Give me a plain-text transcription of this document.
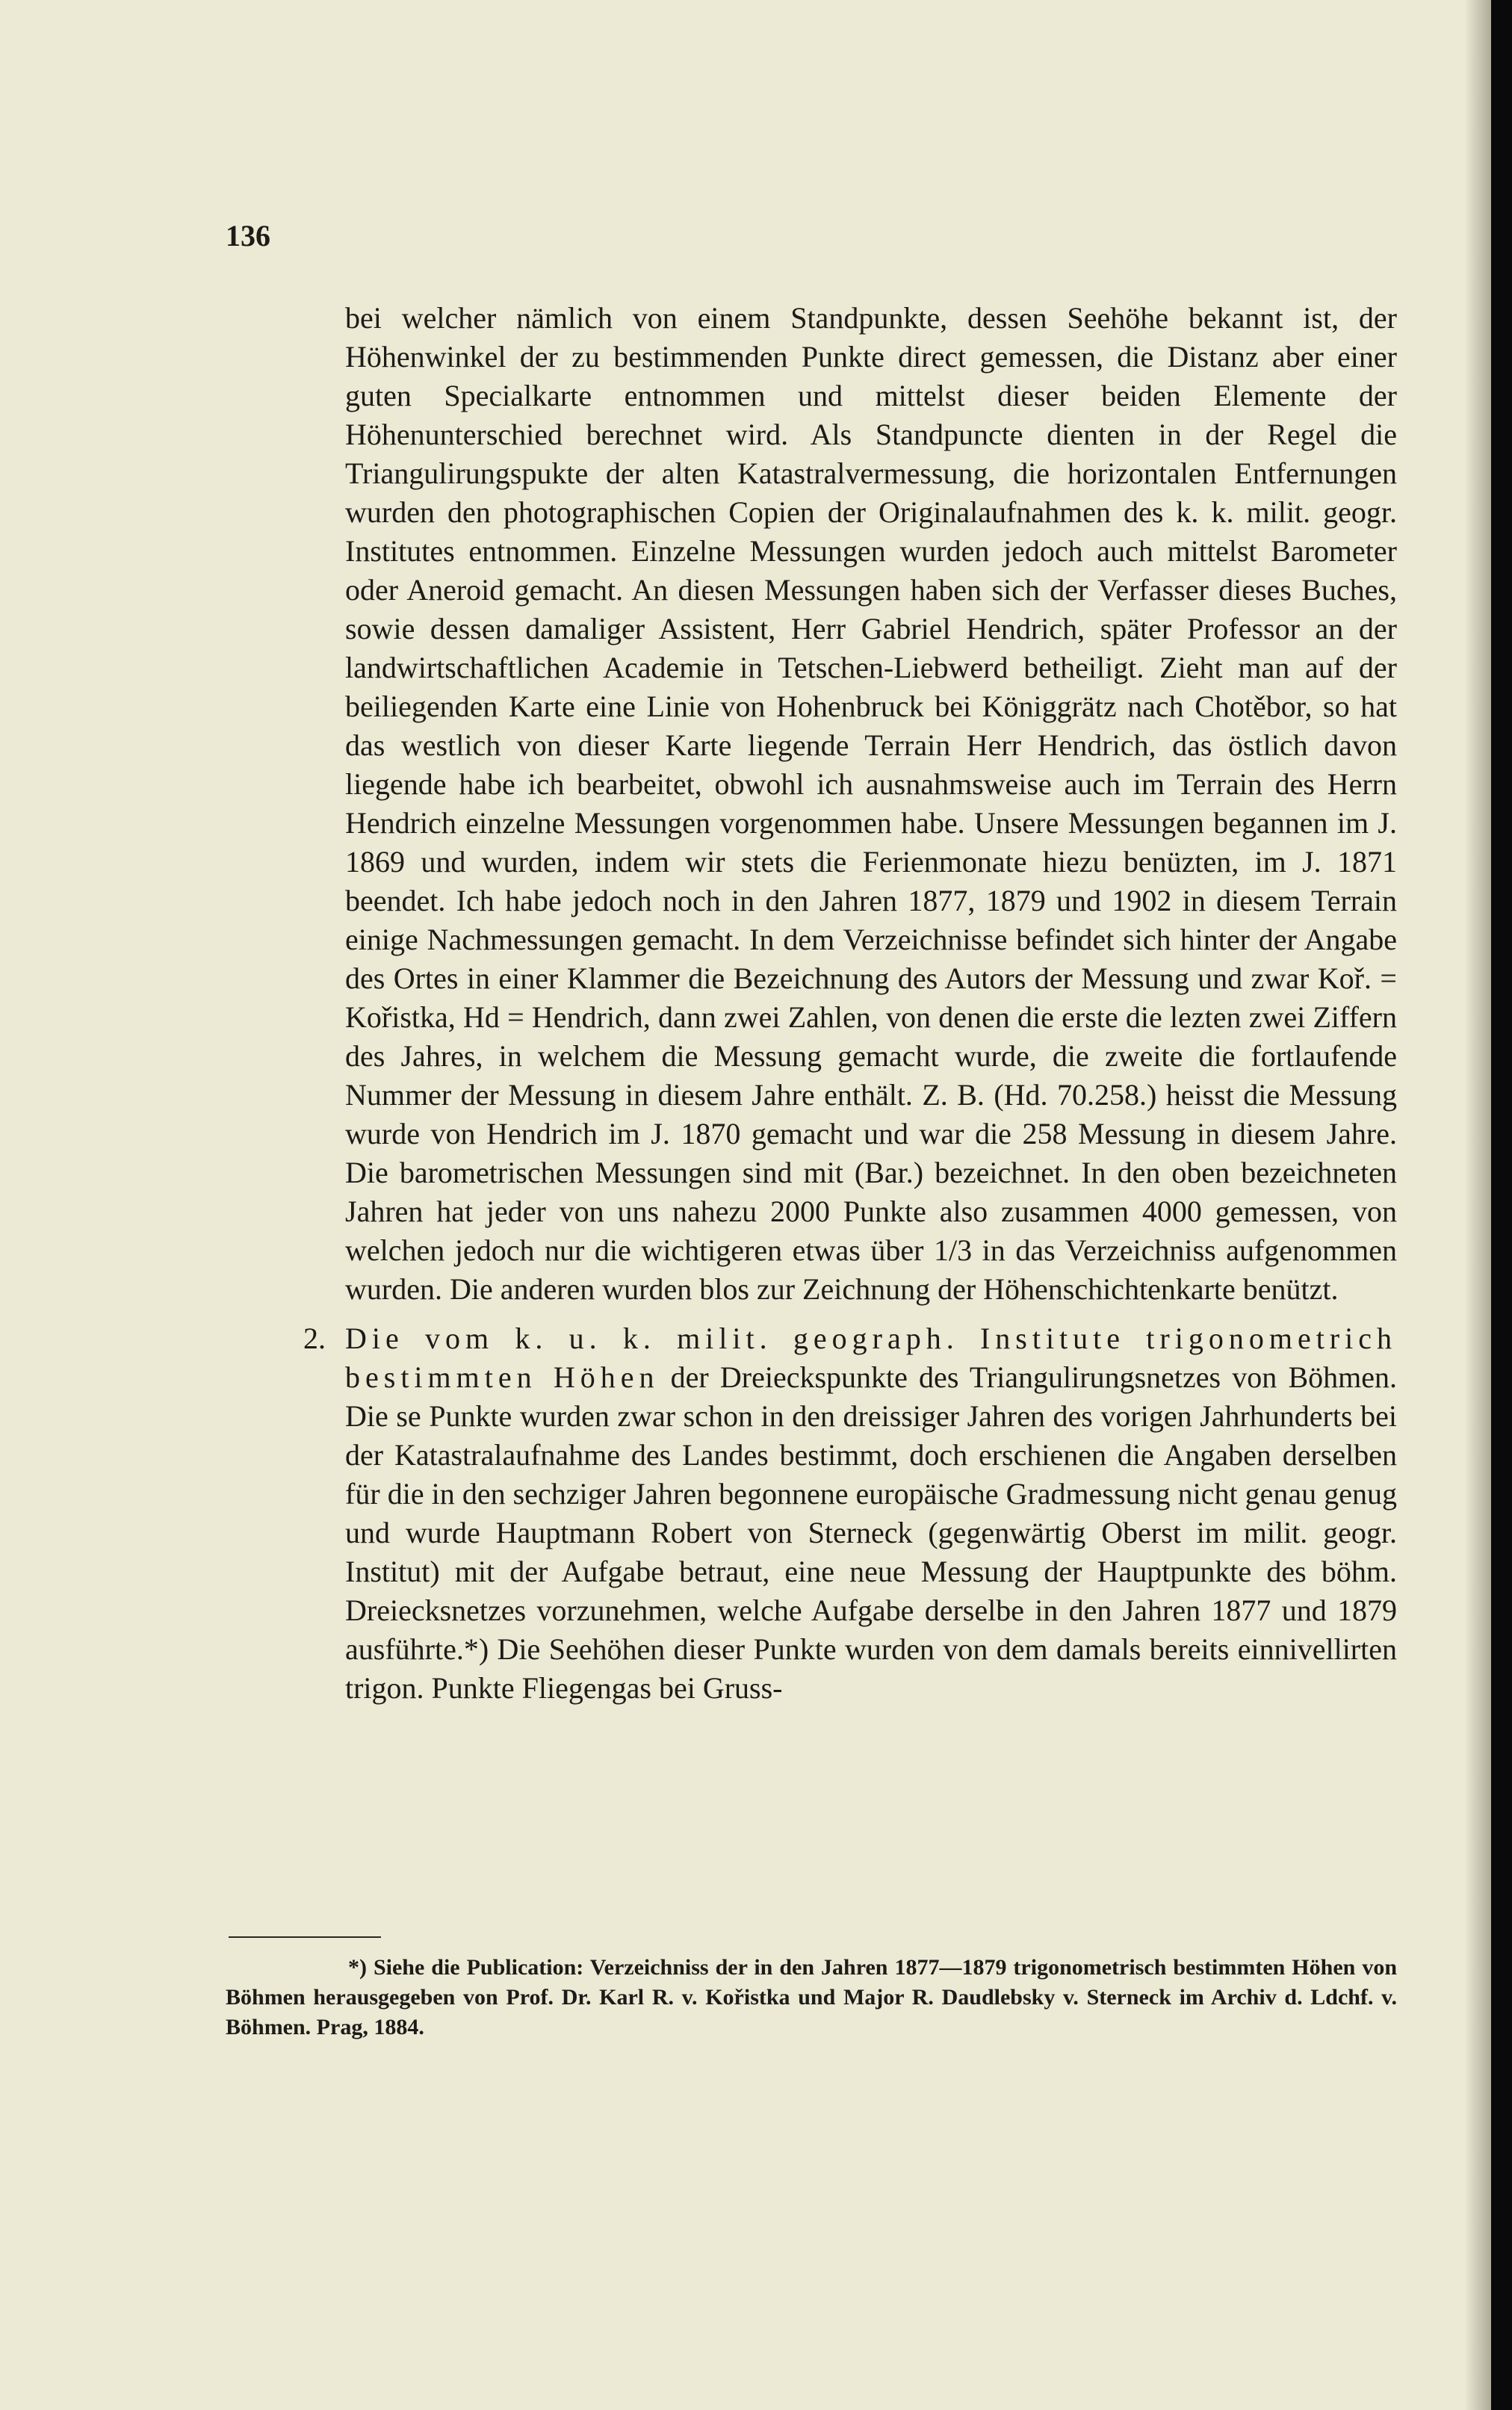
136

bei welcher nämlich von einem Standpunkte, dessen Seehöhe bekannt ist, der Höhenwinkel der zu bestimmenden Punkte direct gemessen, die Distanz aber einer guten Specialkarte entnommen und mittelst dieser beiden Elemente der Höhenunterschied berechnet wird. Als Standpuncte dienten in der Regel die Triangulirungspukte der alten Katastralvermessung, die horizontalen Entfernungen wurden den photographischen Copien der Originalaufnahmen des k. k. milit. geogr. Institutes entnommen. Einzelne Messungen wurden jedoch auch mittelst Barometer oder Aneroid gemacht. An diesen Messungen haben sich der Verfasser dieses Buches, sowie dessen damaliger Assistent, Herr Gabriel Hendrich, später Professor an der landwirtschaftlichen Academie in Tetschen-Liebwerd betheiligt. Zieht man auf der beiliegenden Karte eine Linie von Hohenbruck bei Königgrätz nach Chotěbor, so hat das westlich von dieser Karte liegende Terrain Herr Hendrich, das östlich davon liegende habe ich bearbeitet, obwohl ich ausnahmsweise auch im Terrain des Herrn Hendrich einzelne Messungen vorgenommen habe. Unsere Messungen begannen im J. 1869 und wurden, indem wir stets die Ferienmonate hiezu benüzten, im J. 1871 beendet. Ich habe jedoch noch in den Jahren 1877, 1879 und 1902 in diesem Terrain einige Nachmessungen gemacht. In dem Verzeichnisse befindet sich hinter der Angabe des Ortes in einer Klammer die Bezeichnung des Autors der Messung und zwar Koř. = Kořistka, Hd = Hendrich, dann zwei Zahlen, von denen die erste die lezten zwei Ziffern des Jahres, in welchem die Messung gemacht wurde, die zweite die fortlaufende Nummer der Messung in diesem Jahre enthält. Z. B. (Hd. 70.258.) heisst die Messung wurde von Hendrich im J. 1870 gemacht und war die 258 Messung in diesem Jahre. Die barometrischen Messungen sind mit (Bar.) bezeichnet. In den oben bezeichneten Jahren hat jeder von uns nahezu 2000 Punkte also zusammen 4000 gemessen, von welchen jedoch nur die wichtigeren etwas über 1/3 in das Verzeichniss aufgenommen wurden. Die anderen wurden blos zur Zeichnung der Höhenschichtenkarte benützt.

2. Die vom k. u. k. milit. geograph. Institute trigonometrich bestimmten Höhen der Dreieckspunkte des Triangulirungsnetzes von Böhmen. Die se Punkte wurden zwar schon in den dreissiger Jahren des vorigen Jahrhunderts bei der Katastralaufnahme des Landes bestimmt, doch erschienen die Angaben derselben für die in den sechziger Jahren begonnene europäische Gradmessung nicht genau genug und wurde Hauptmann Robert von Sterneck (gegenwärtig Oberst im milit. geogr. Institut) mit der Aufgabe betraut, eine neue Messung der Hauptpunkte des böhm. Dreiecksnetzes vorzunehmen, welche Aufgabe derselbe in den Jahren 1877 und 1879 ausführte.*) Die Seehöhen dieser Punkte wurden von dem damals bereits einnivellirten trigon. Punkte Fliegengas bei Gruss-

*) Siehe die Publication: Verzeichniss der in den Jahren 1877—1879 trigonometrisch bestimmten Höhen von Böhmen herausgegeben von Prof. Dr. Karl R. v. Kořistka und Major R. Daudlebsky v. Sterneck im Archiv d. Ldchf. v. Böhmen. Prag, 1884.
